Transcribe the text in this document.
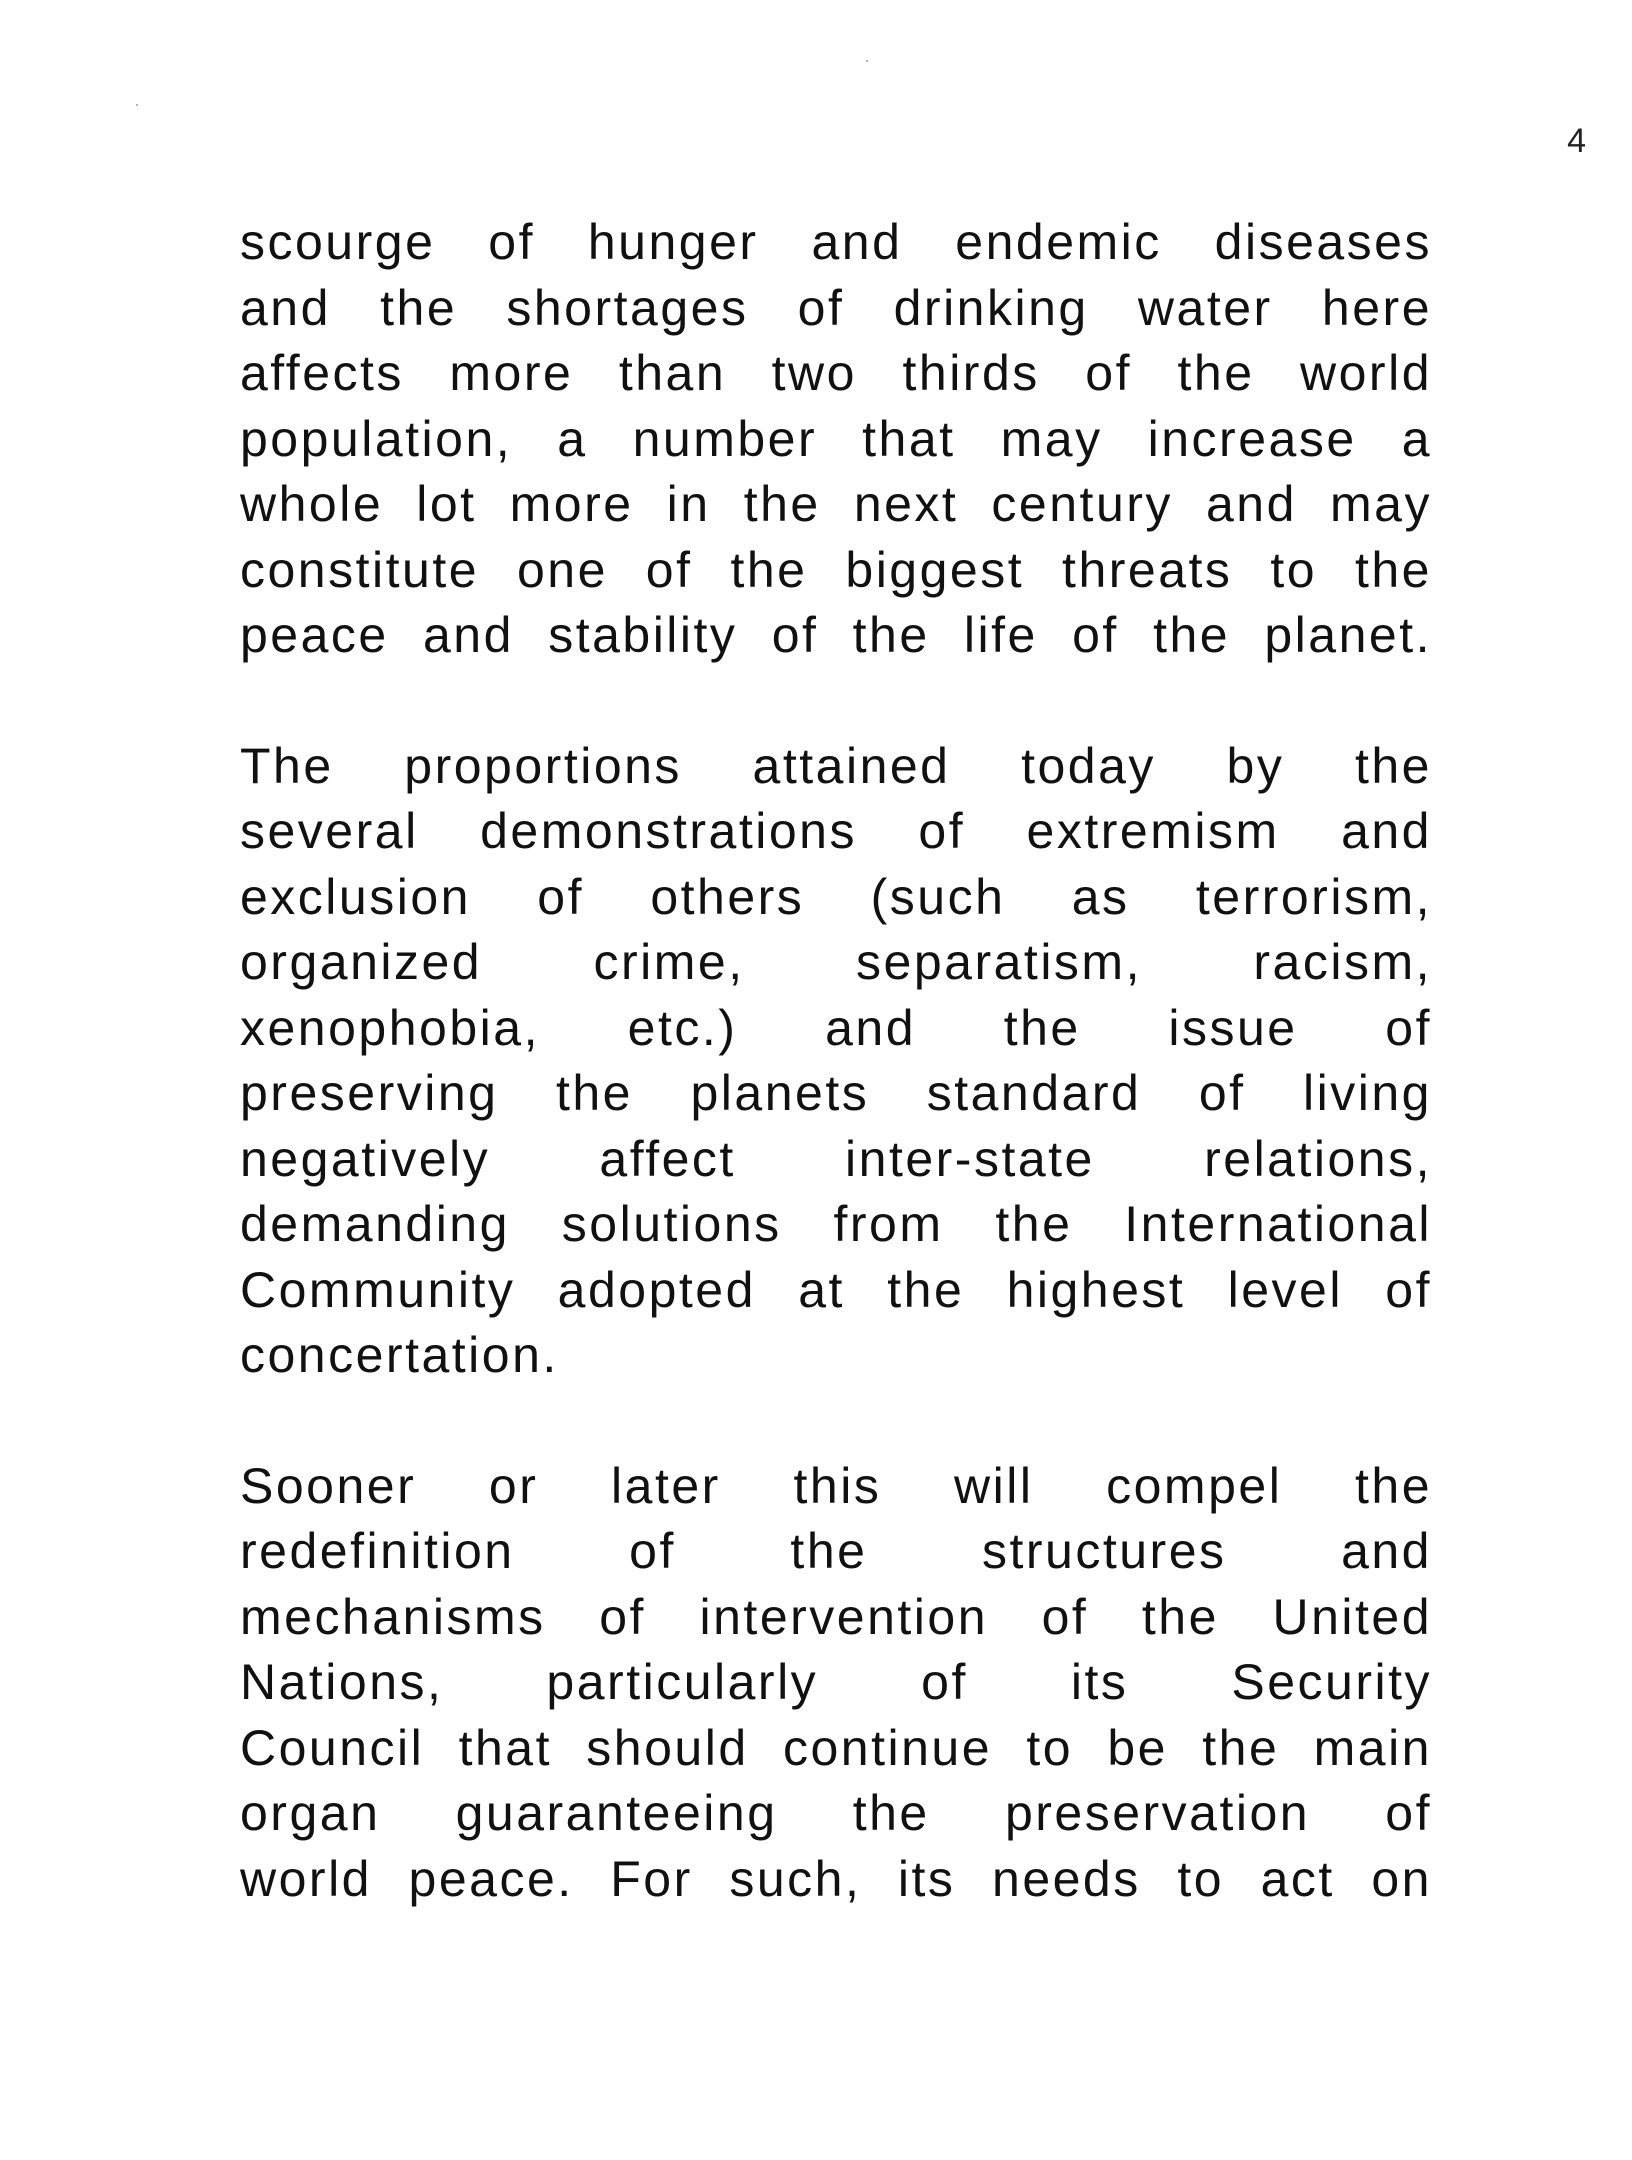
4

scourge of hunger and endemic diseases
and the shortages of drinking water here
affects more than two thirds of the world
population, a number that may increase a
whole lot more in the next century and may
constitute one of the biggest threats to the
peace and stability of the life of the planet.

The proportions attained today by the
several demonstrations of extremism and
exclusion of others (such as terrorism,
organized crime, separatism, racism,
xenophobia, etc.) and the issue of
preserving the planets standard of living
negatively affect inter-state relations,
demanding solutions from the International
Community adopted at the highest level of
concertation.

Sooner or later this will compel the
redefinition of the structures and
mechanisms of intervention of the United
Nations, particularly of its Security
Council that should continue to be the main
organ guaranteeing the preservation of
world peace. For such, its needs to act on
